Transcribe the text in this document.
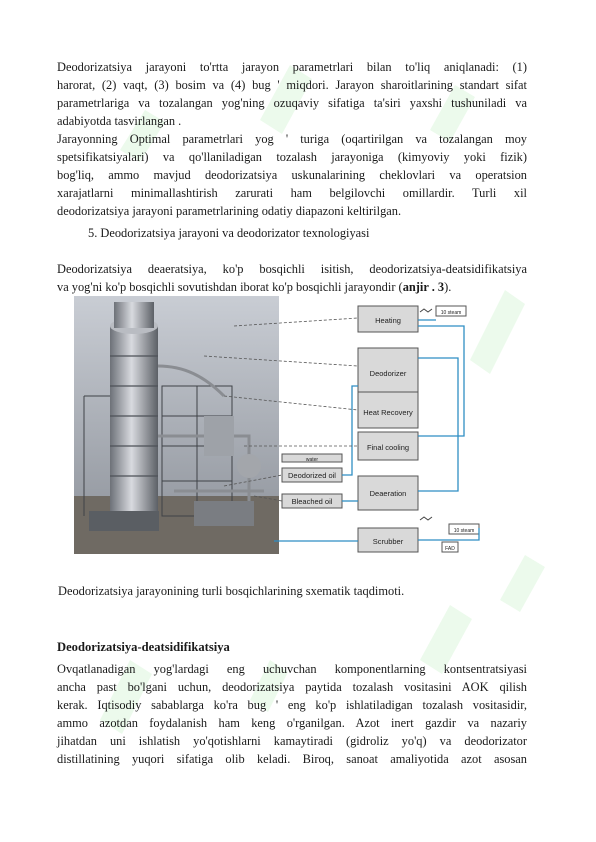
Deodorizatsiya jarayoni to'rtta jarayon parametrlari bilan to'liq aniqlanadi: (1)
harorat, (2) vaqt, (3) bosim va (4) bug ' miqdori. Jarayon sharoitlarining standart sifat
parametrlariga va tozalangan yog'ning ozuqaviy sifatiga ta'siri yaxshi tushuniladi va
adabiyotda tasvirlangan .
Jarayonning Optimal parametrlari yog ' turiga (oqartirilgan va tozalangan moy
spetsifikatsiyalari) va qo'llaniladigan tozalash jarayoniga (kimyoviy yoki fizik)
bog'liq, ammo mavjud deodorizatsiya uskunalarining cheklovlari va operatsion
xarajatlarni minimallashtirish zarurati ham belgilovchi omillardir. Turli xil
deodorizatsiya jarayoni parametrlarining odatiy diapazoni keltirilgan.
5. Deodorizatsiya jarayoni va deodorizator texnologiyasi
Deodorizatsiya deaeratsiya, ko'p bosqichli isitish, deodorizatsiya-deatsidifikatsiya
va yog'ni ko'p bosqichli sovutishdan iborat ko'p bosqichli jarayondir (anjir . 3).
Heating
Deodorizer
Heat Recovery
Final cooling
Deaeration
Scrubber
Deodorized oil
Bleached oil
water
10 steam
10 steam
FAD
Deodorizatsiya jarayonining turli bosqichlarining sxematik taqdimoti.
Deodorizatsiya-deatsidifikatsiya
Ovqatlanadigan yog'lardagi eng uchuvchan komponentlarning kontsentratsiyasi
ancha past bo'lgani uchun, deodorizatsiya paytida tozalash vositasini AOK qilish
kerak. Iqtisodiy sabablarga ko'ra bug ' eng ko'p ishlatiladigan tozalash vositasidir,
ammo azotdan foydalanish ham keng o'rganilgan. Azot inert gazdir va nazariy
jihatdan uni ishlatish yo'qotishlarni kamaytiradi (gidroliz yo'q) va deodorizator
distillatining yuqori sifatiga olib keladi. Biroq, sanoat amaliyotida azot asosan
